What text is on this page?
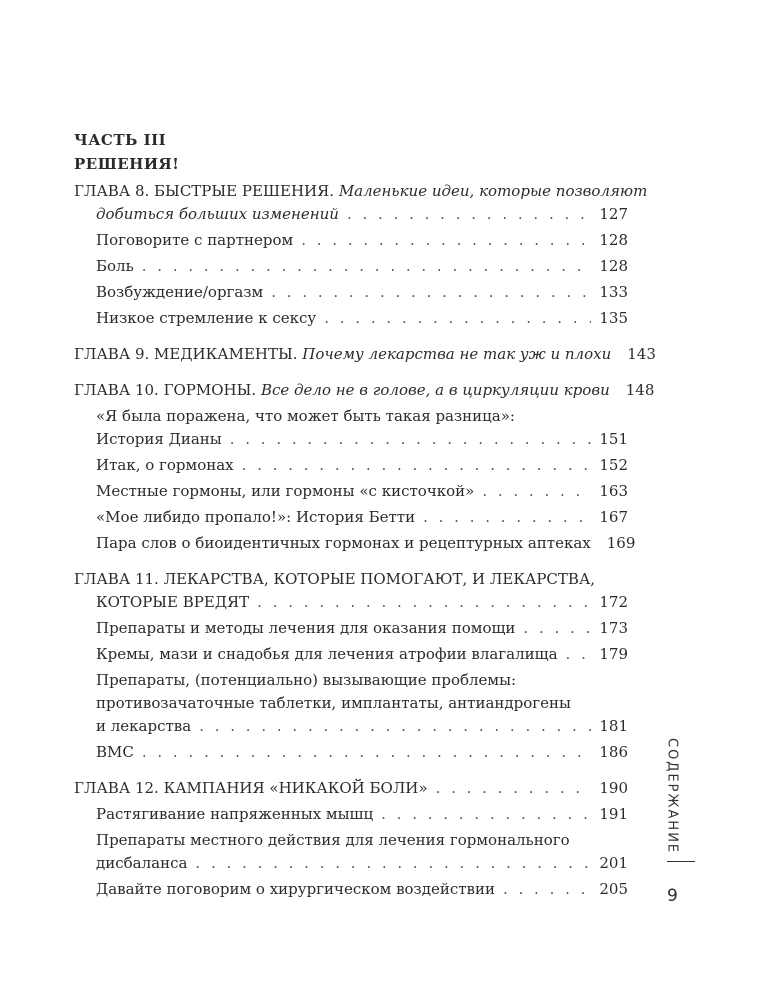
ЧАСТЬ III
РЕШЕНИЯ!
ГЛАВА 8. БЫСТРЫЕ РЕШЕНИЯ.
Маленькие идеи, которые позволяют
добиться больших изменений . . .	127
Поговорите с партнером . . .	128
Боль . . .	128
Возбуждение/оргазм . . .	133
Низкое стремление к сексу . . .	135
ГЛАВА 9. МЕДИКАМЕНТЫ.
Почему лекарства не так уж и плохи 143
ГЛАВА 10. ГОРМОНЫ.
Все дело не в голове, а в циркуляции крови 148
«Я была поражена, что может быть такая разница»:
История Дианы . . .	151
Итак, о гормонах . . .	152
Местные гормоны, или гормоны «с кисточкой» . . .	163
«Мое либидо пропало!»: История Бетти . . .	167
Пара слов о биоидентичных гормонах и рецептурных аптеках 169
ГЛАВА 11. ЛЕКАРСТВА, КОТОРЫЕ ПОМОГАЮТ, И ЛЕКАРСТВА,
КОТОРЫЕ ВРЕДЯТ . . .	172
Препараты и методы лечения для оказания помощи . . .	173
Кремы, мази и снадобья для лечения атрофии влагалища . . .	179
Препараты, (потенциально) вызывающие проблемы:
противозачаточные таблетки, имплантаты, антиандрогены
и лекарства . . .	181
ВМС . . .	186
ГЛАВА 12. КАМПАНИЯ «НИКАКОЙ БОЛИ» . . .	190
Растягивание напряженных мышц . . .	191
Препараты местного действия для лечения гормонального
дисбаланса . . .	201
Давайте поговорим о хирургическом воздействии . . .	205
СОДЕРЖАНИЕ
9
